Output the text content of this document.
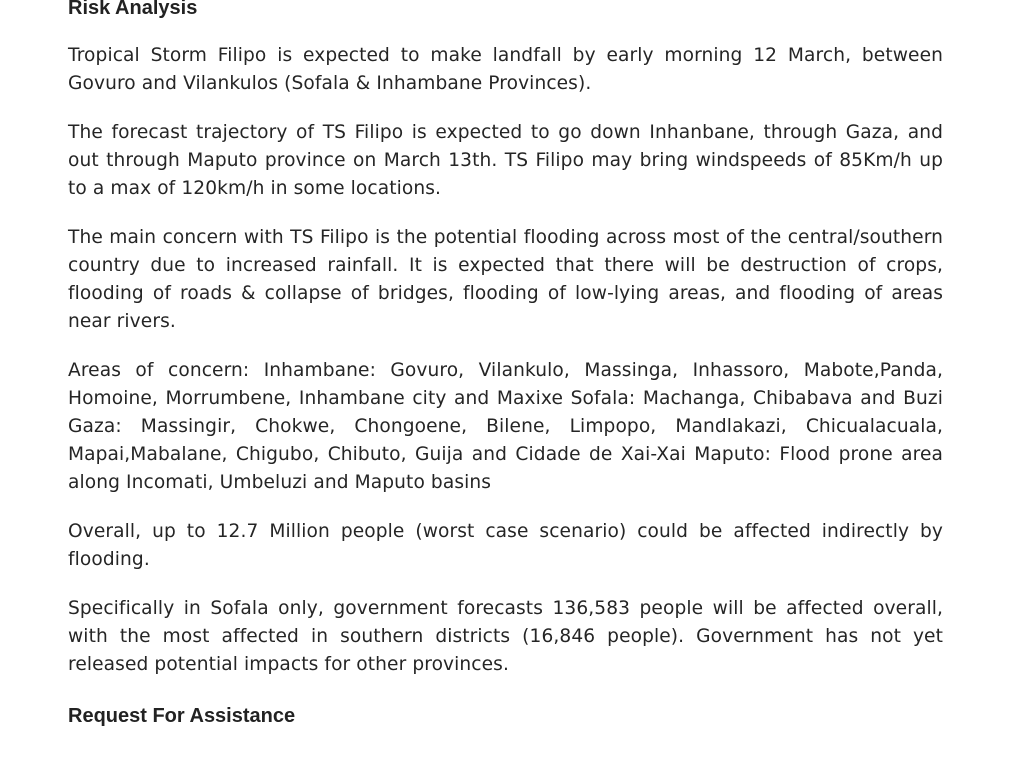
Risk Analysis

Tropical Storm Filipo is expected to make landfall by early morning 12 March, between Govuro and Vilankulos (Sofala & Inhambane Provinces).

The forecast trajectory of TS Filipo is expected to go down Inhanbane, through Gaza, and out through Maputo province on March 13th. TS Filipo may bring windspeeds of 85Km/h up to a max of 120km/h in some locations.

The main concern with TS Filipo is the potential flooding across most of the central/southern country due to increased rainfall. It is expected that there will be destruction of crops, flooding of roads & collapse of bridges, flooding of low-lying areas, and flooding of areas near rivers.

Areas of concern: Inhambane: Govuro, Vilankulo, Massinga, Inhassoro, Mabote,Panda, Homoine, Morrumbene, Inhambane city and Maxixe Sofala: Machanga, Chibabava and Buzi Gaza: Massingir, Chokwe, Chongoene, Bilene, Limpopo, Mandlakazi, Chicualacuala, Mapai,Mabalane, Chigubo, Chibuto, Guija and Cidade de Xai-Xai Maputo: Flood prone area along Incomati, Umbeluzi and Maputo basins

Overall, up to 12.7 Million people (worst case scenario) could be affected indirectly by flooding.

Specifically in Sofala only, government forecasts 136,583 people will be affected overall, with the most affected in southern districts (16,846 people). Government has not yet released potential impacts for other provinces.

Request For Assistance
